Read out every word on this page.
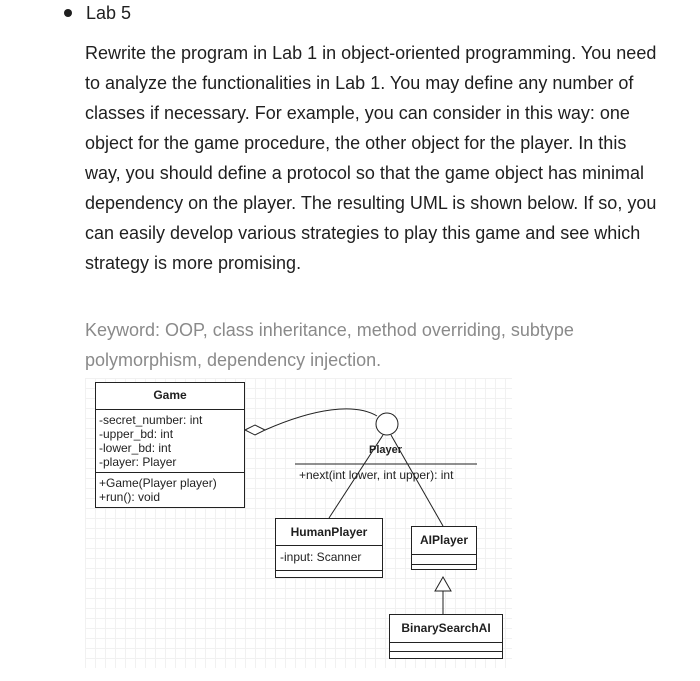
Lab 5

Rewrite the program in Lab 1 in object-oriented programming. You need to analyze the functionalities in Lab 1. You may define any number of classes if necessary. For example, you can consider in this way: one object for the game procedure, the other object for the player. In this way, you should define a protocol so that the game object has minimal dependency on the player. The resulting UML is shown below. If so, you can easily develop various strategies to play this game and see which strategy is more promising.

Keyword: OOP, class inheritance, method overriding, subtype polymorphism, dependency injection.

Game
-secret_number: int
-upper_bd: int
-lower_bd: int
-player: Player
+Game(Player player)
+run(): void
Player
+next(int lower, int upper): int
HumanPlayer
-input: Scanner
AIPlayer
BinarySearchAI
